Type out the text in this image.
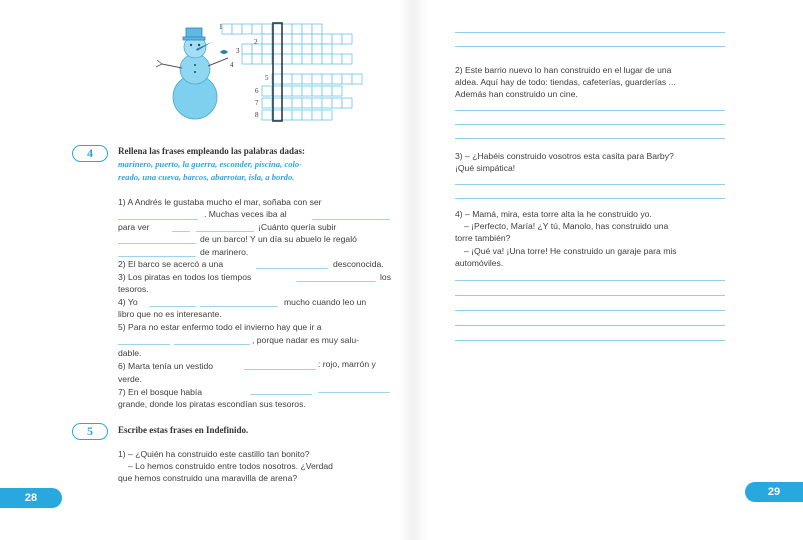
1
2
3
4
5
6
7
8
4	Rellena las frases empleando las palabras dadas:
marinero, puerto, la guerra, esconder, piscina, colo-
reado, una cueva, barcos, abarrotar, isla, a bordo.
1) A Andrés le gustaba mucho el mar, soñaba con ser
. Muchas veces iba al
para ver	¡Cuánto quería subir
de un barco! Y un día su abuelo le regaló
de marinero.
2) El barco se acercó a una	desconocida.
3) Los piratas en todos los tiempos	los
tesoros.
4) Yo	mucho cuando leo un
libro que no es interesante.
5) Para no estar enfermo todo el invierno hay que ir a
, porque nadar es muy salu-
dable.
6) Marta tenía un vestido	: rojo, marrón y
verde.
7) En el bosque había
grande, donde los piratas escondían sus tesoros.
5	Escribe estas frases en Indefinido.
1) – ¿Quién ha construido este castillo tan bonito?
– Lo hemos construido entre todos nosotros. ¿Verdad
que hemos construido una maravilla de arena?
28
2) Este barrio nuevo lo han construido en el lugar de una
aldea. Aquí hay de todo: tiendas, cafeterías, guarderías ...
Además han construido un cine.
3) – ¿Habéis construido vosotros esta casita para Barby?
¡Qué simpática!
4) – Mamá, mira, esta torre alta la he construido yo.
– ¡Perfecto, María! ¿Y tú, Manolo, has construido una
torre también?
– ¡Qué va! ¡Una torre! He construido un garaje para mis
automóviles.
29
